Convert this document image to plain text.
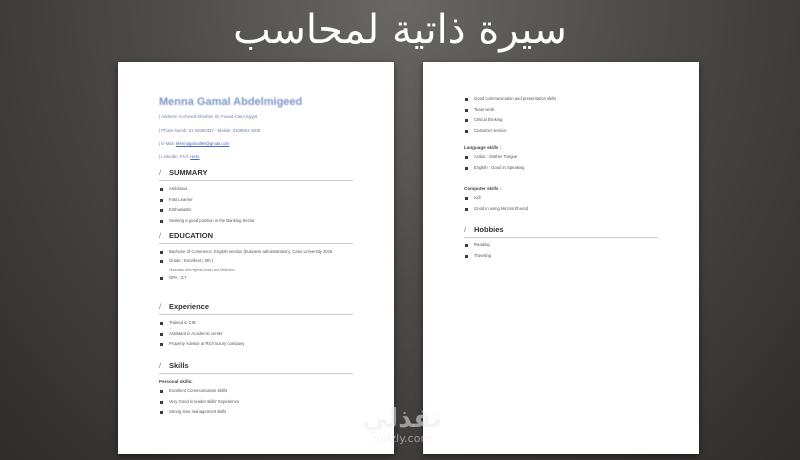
سيرة ذاتية لمحاسب
Menna Gamal Abdelmigeed
| Address: 6 Ahmed Ebrahim St, Fouad-Cairo Egypt
| Phone Numb: 01 09450337 - Mobile: 0109953 2008
| E-Mail: Mennagamal99@gmail.com
| LinkedIn: Prof. Here
/	SUMMARY
Ambitious
Fast Learner
Enthusiastic
Seeking a good position in the Banking Sector
/	EDUCATION
Bachelor of Commerce, English section (business administration), Cairo University 2016
Grade : Excellent ( 5th )
Graduated with Highest honors and Distinction
GPA : 3.7
/	Experience
Trained in CIB
Assistant in Academic center
Property Advisor at Rich luxury company
/	Skills
Personal skills:
Excellent Communication Skills
Very Good in leader skills' Experience
Strong time management skills
Good communication and presentation skills
Team work
Critical thinking
Customer service
Language skills :
Arabic : Mother Tongue
English : Good in Speaking
Computer skills :
Icdl
Good in using Microsoft word
/	Hobbies
Reading
Traveling
نفذلي
nafzly.com
